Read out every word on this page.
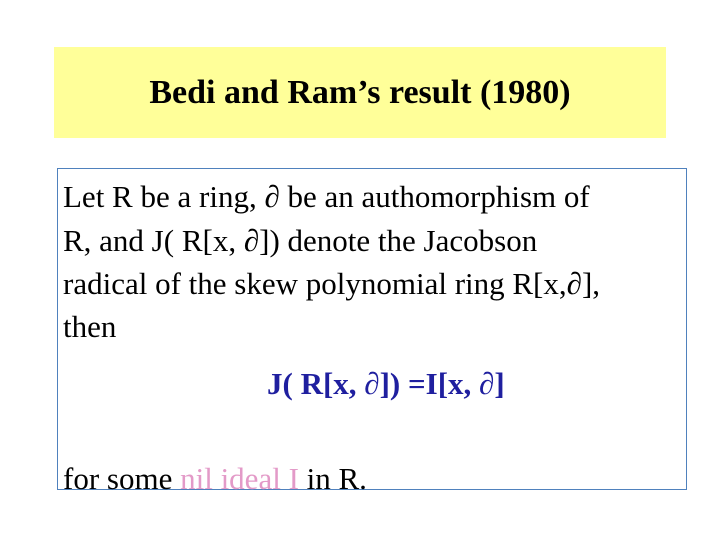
Bedi and Ram’s result (1980)
Let R be a ring, ∂ be an authomorphism of
R, and J( R[x, ∂]) denote the Jacobson
radical of the skew polynomial ring R[x,∂],
then
J( R[x, ∂]) =I[x, ∂]
for some nil ideal I in R.
